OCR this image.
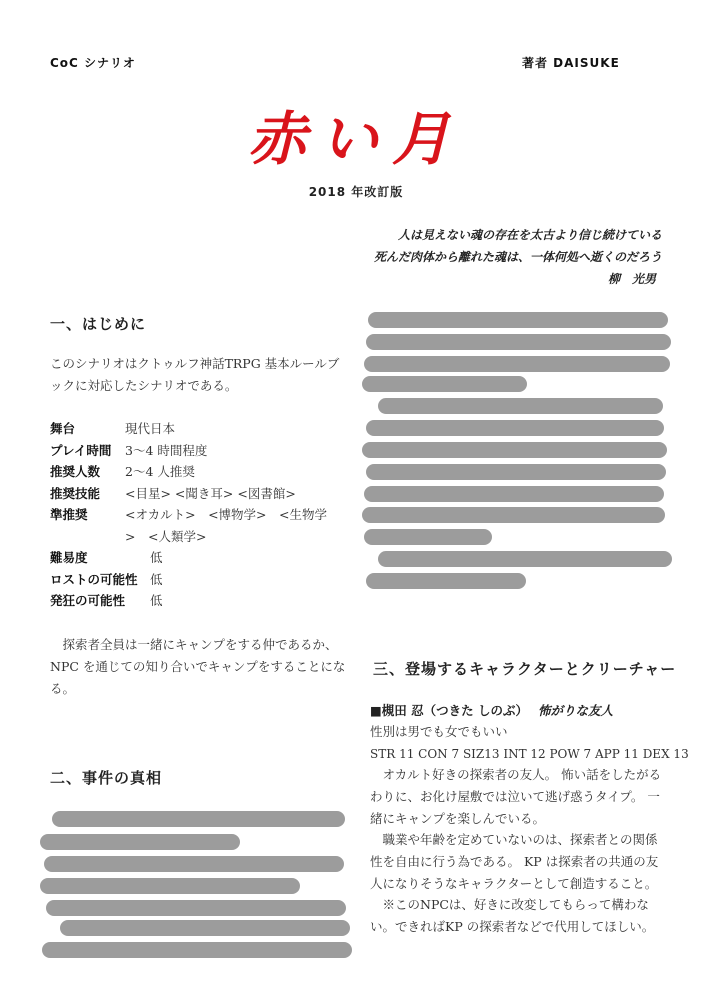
CoC シナリオ	著者 DAISUKE
赤い月
2018 年改訂版
人は見えない魂の存在を太古より信じ続けている
死んだ肉体から離れた魂は、一体何処へ逝くのだろう
柳　光男
一、はじめに
このシナリオはクトゥルフ神話TRPG 基本ルールブックに対応したシナリオである。
舞台	現代日本
プレイ時間	3～4 時間程度
推奨人数	2～4 人推奨
推奨技能	<目星> <聞き耳> <図書館>
準推奨	<オカルト>　<博物学>　<生物学>　<人類学>
難易度	低
ロストの可能性 低
発狂の可能性	低
探索者全員は一緒にキャンプをする仲であるか、NPC を通じての知り合いでキャンプをすることになる。
二、事件の真相
三、登場するキャラクターとクリーチャー
■槻田 忍（つきた しのぶ） 怖がりな友人
性別は男でも女でもいい
STR 11 CON 7 SIZ13 INT 12 POW 7 APP 11 DEX 13
オカルト好きの探索者の友人。 怖い話をしたがるわりに、お化け屋敷では泣いて逃げ惑うタイプ。 一緒にキャンプを楽しんでいる。
職業や年齢を定めていないのは、探索者との関係性を自由に行う為である。 KP は探索者の共通の友人になりそうなキャラクターとして創造すること。
※このNPCは、好きに改変してもらって構わない。できればKP の探索者などで代用してほしい。
